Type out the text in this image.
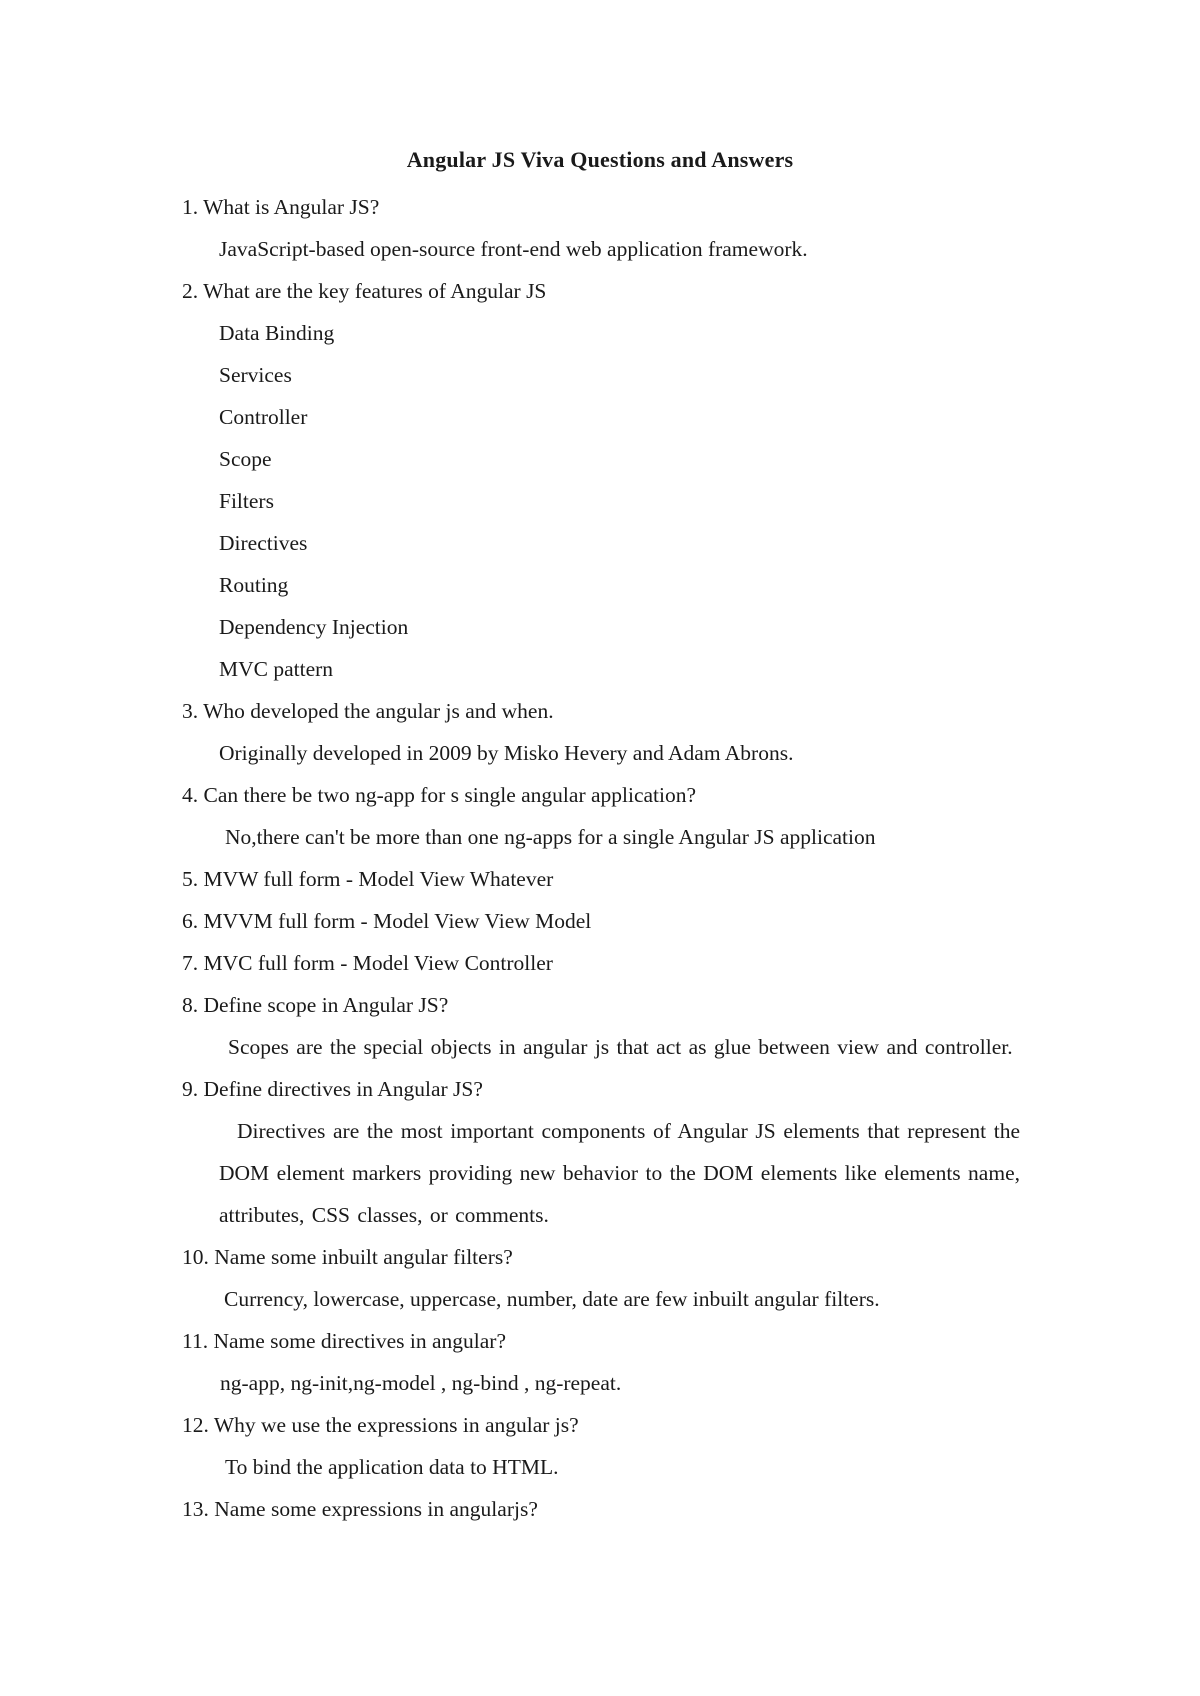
Angular JS Viva Questions and Answers

1. What is Angular JS?

JavaScript-based open-source front-end web application framework.

2. What are the key features of Angular JS

Data Binding

Services

Controller

Scope

Filters

Directives

Routing

Dependency Injection

MVC pattern

3. Who developed the angular js and when.

Originally developed in 2009 by Misko Hevery and Adam Abrons.

4. Can there be two ng-app for s single angular application?

No,there can't be more than one ng-apps for a single Angular JS application

5. MVW full form - Model View Whatever

6. MVVM full form - Model View View Model

7. MVC full form - Model View Controller

8. Define scope in Angular JS?

Scopes are the special objects in angular js that act as glue between view and controller.

9. Define directives in Angular JS?

Directives are the most important components of Angular JS elements that represent the DOM element markers providing new behavior to the DOM elements like elements name, attributes, CSS classes, or comments.

10. Name some inbuilt angular filters?

Currency, lowercase, uppercase, number, date are few inbuilt angular filters.

11. Name some directives in angular?

ng-app, ng-init,ng-model , ng-bind , ng-repeat.

12. Why we use the expressions in angular js?

To bind the application data to HTML.

13. Name some expressions in angularjs?
